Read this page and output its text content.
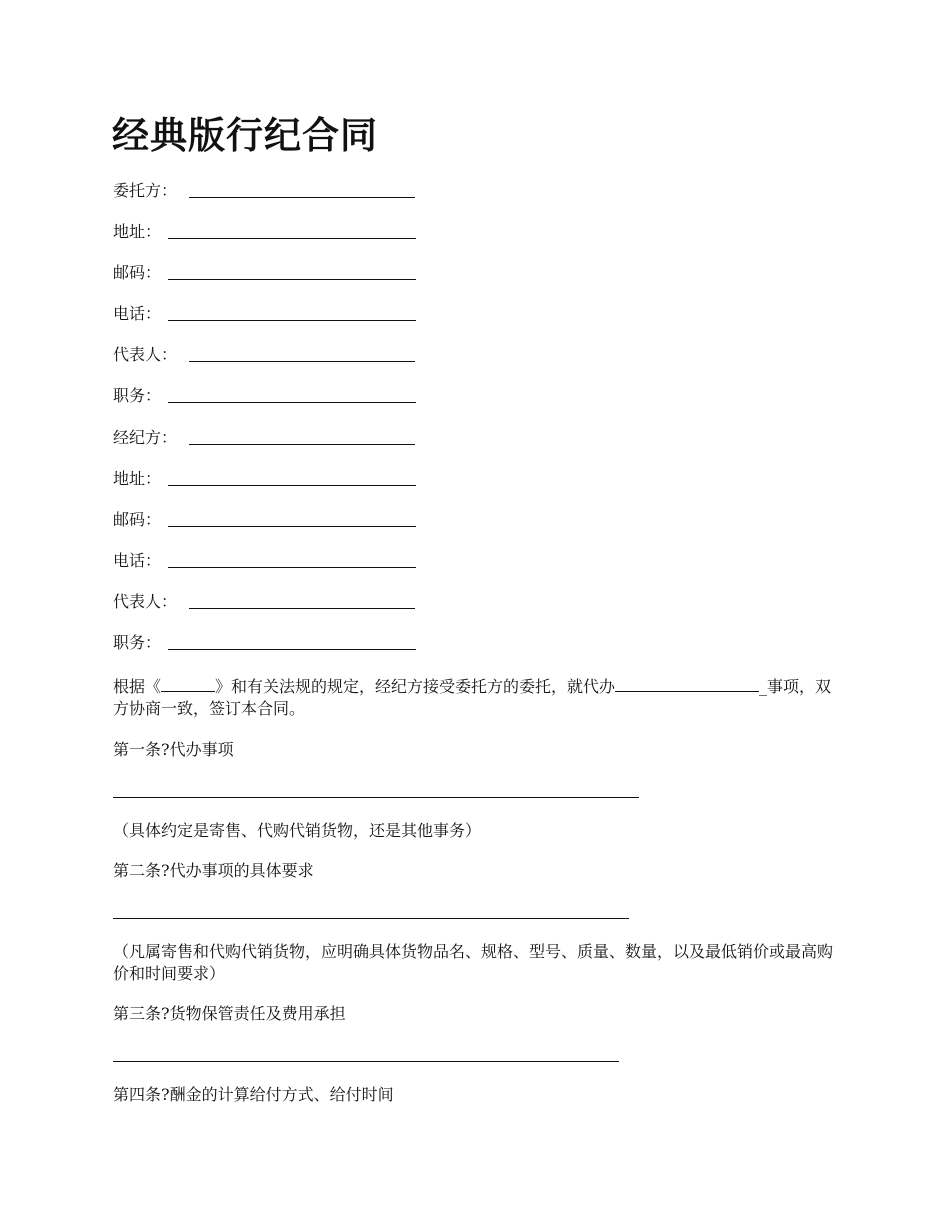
经典版行纪合同
委托方：
地址：
邮码：
电话：
代表人：
职务：
经纪方：
地址：
邮码：
电话：
代表人：
职务：

根据《	》和有关法规的规定，经纪方接受委托方的委托，就代办	_事项，双方协商一致，签订本合同。

第一条?代办事项

（具体约定是寄售、代购代销货物，还是其他事务）

第二条?代办事项的具体要求

（凡属寄售和代购代销货物，应明确具体货物品名、规格、型号、质量、数量，以及最低销价或最高购价和时间要求）

第三条?货物保管责任及费用承担

第四条?酬金的计算给付方式、给付时间
